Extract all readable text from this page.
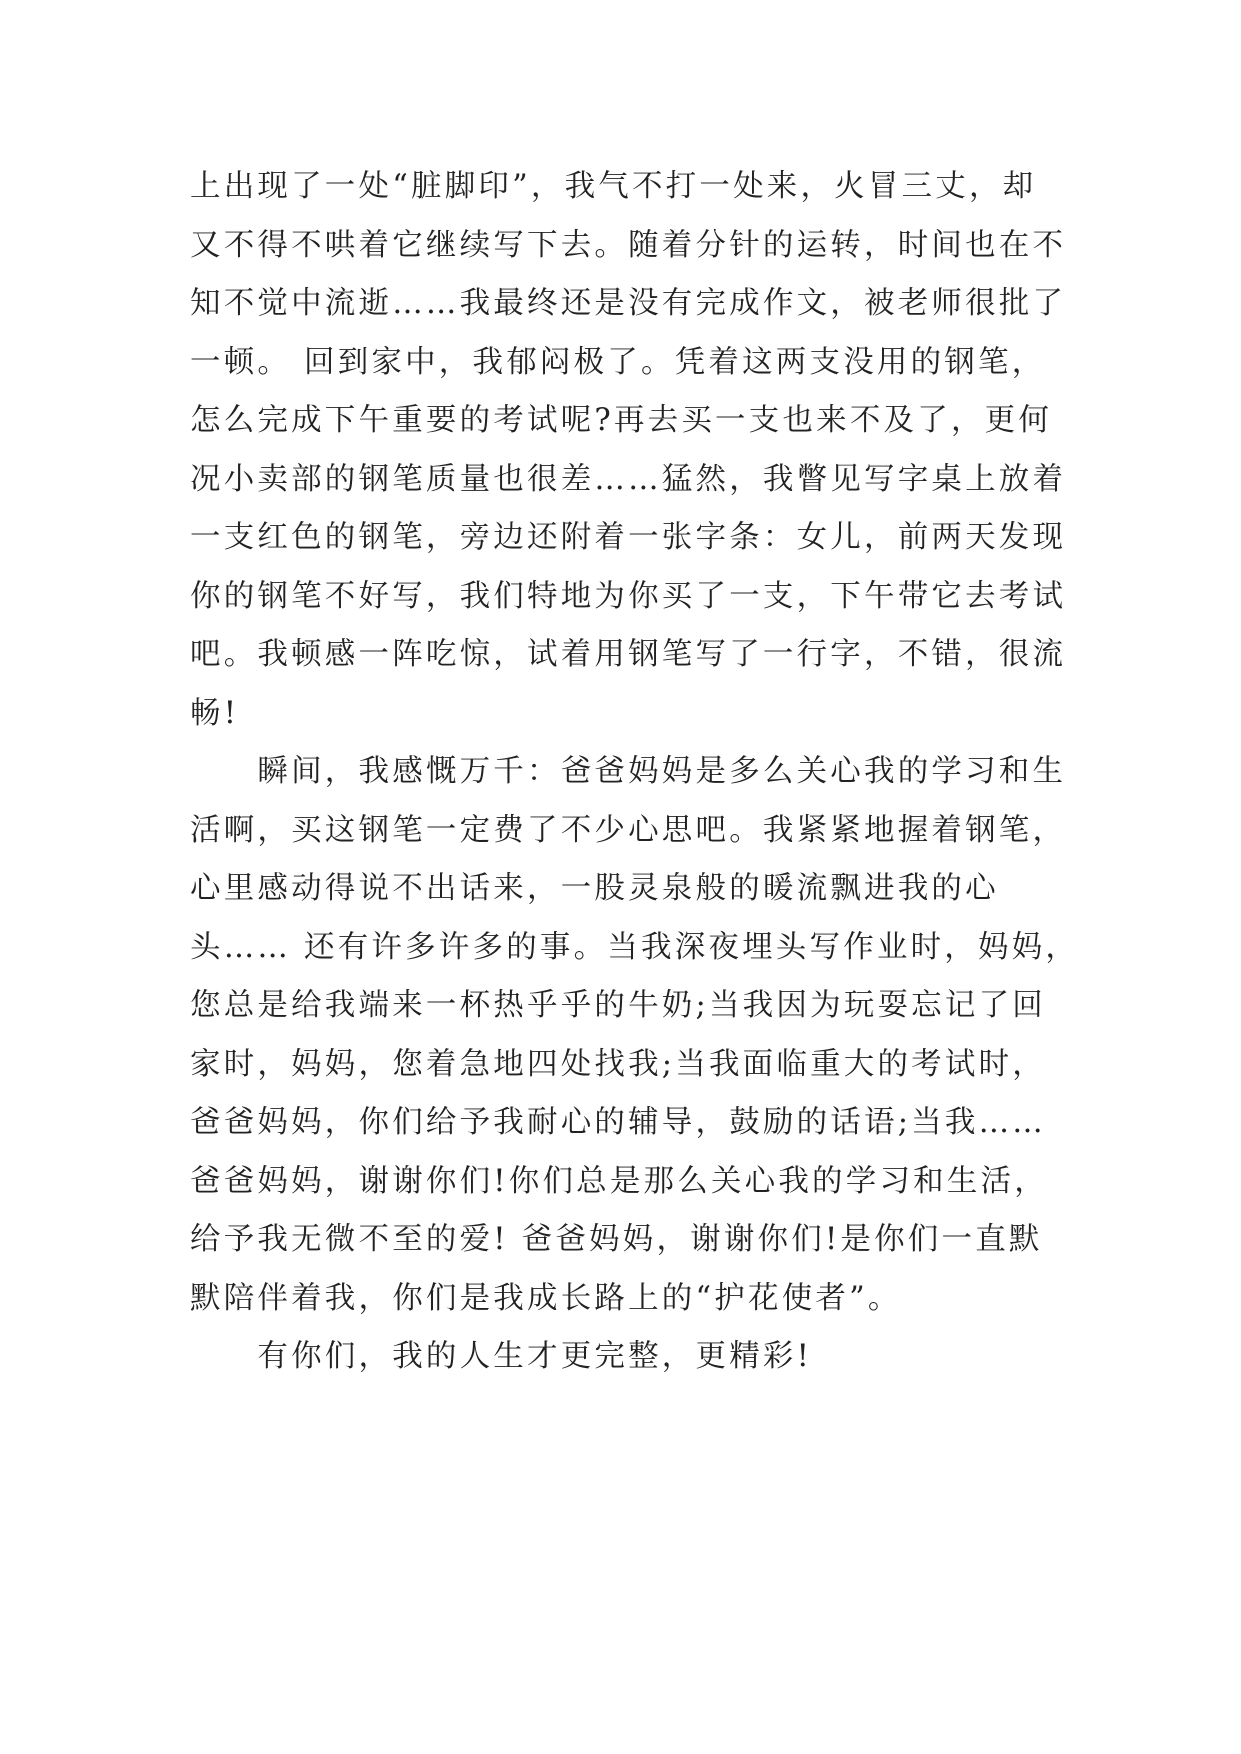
上出现了一处“脏脚印”，我气不打一处来，火冒三丈，却
又不得不哄着它继续写下去。随着分针的运转，时间也在不
知不觉中流逝……我最终还是没有完成作文，被老师很批了
一顿。 回到家中，我郁闷极了。凭着这两支没用的钢笔，
怎么完成下午重要的考试呢?再去买一支也来不及了，更何
况小卖部的钢笔质量也很差……猛然，我瞥见写字桌上放着
一支红色的钢笔，旁边还附着一张字条：女儿，前两天发现
你的钢笔不好写，我们特地为你买了一支，下午带它去考试
吧。我顿感一阵吃惊，试着用钢笔写了一行字，不错，很流
畅!
　　瞬间，我感慨万千：爸爸妈妈是多么关心我的学习和生
活啊，买这钢笔一定费了不少心思吧。我紧紧地握着钢笔，
心里感动得说不出话来，一股灵泉般的暖流飘进我的心
头…… 还有许多许多的事。当我深夜埋头写作业时，妈妈，
您总是给我端来一杯热乎乎的牛奶;当我因为玩耍忘记了回
家时，妈妈，您着急地四处找我;当我面临重大的考试时，
爸爸妈妈，你们给予我耐心的辅导，鼓励的话语;当我……
爸爸妈妈，谢谢你们!你们总是那么关心我的学习和生活，
给予我无微不至的爱! 爸爸妈妈，谢谢你们!是你们一直默
默陪伴着我，你们是我成长路上的“护花使者”。
　　有你们，我的人生才更完整，更精彩!
